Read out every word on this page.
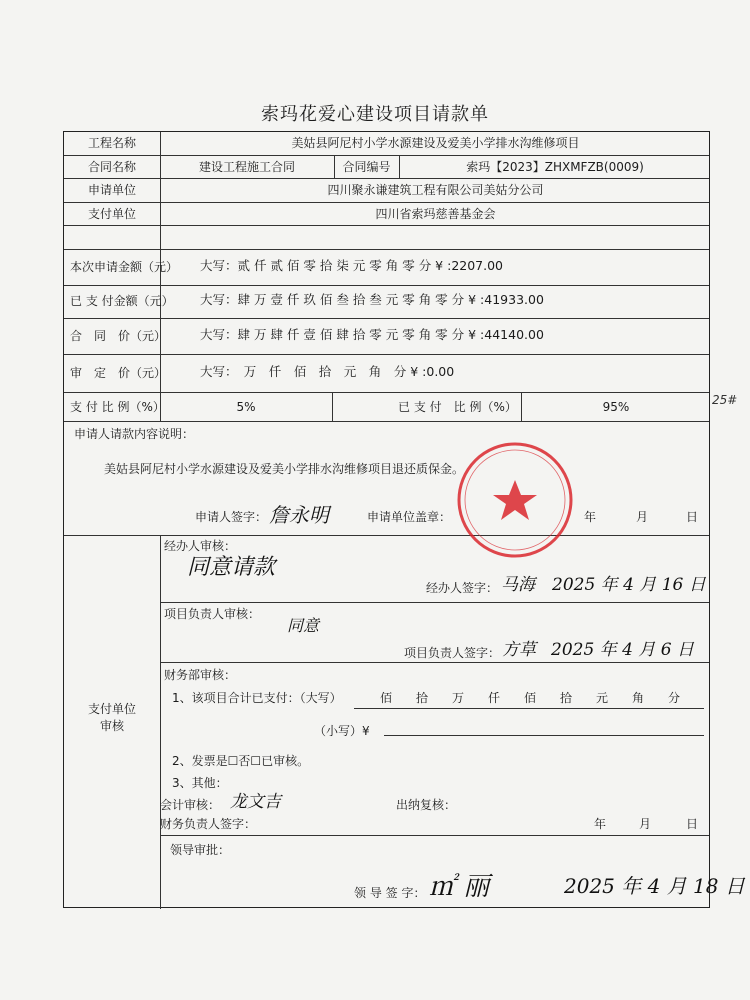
索玛花爱心建设项目请款单
工程名称	美姑县阿尼村小学水源建设及爱美小学排水沟维修项目
合同名称	建设工程施工合同	合同编号	索玛【2023】ZHXMFZB(0009)
申请单位	四川聚永谦建筑工程有限公司美姑分公司
支付单位	四川省索玛慈善基金会
本次申请金额（元） 大写：贰 仟 贰 佰 零 拾 柒 元 零 角 零 分 ¥ :2207.00
已 支 付金额（元） 大写：肆 万 壹 仟 玖 佰 叁 拾 叁 元 零 角 零 分 ¥ :41933.00
合　同　价（元）	大写：肆 万 肆 仟 壹 佰 肆 拾 零 元 零 角 零 分 ¥ :44140.00
审　定　价（元）	大写：　万　仟　佰　拾　元　角　分 ¥ :0.00
支 付 比 例（%）	5%	已 支 付　比 例（%）	95%
申请人请款内容说明：
美姑县阿尼村小学水源建设及爱美小学排水沟维修项目退还质保金。
申请人签字： 詹永明	申请单位盖章：	年	月	日
支付单位
审核
经办人审核：
同意请款
经办人签字： 马海 2025 年 4 月 16 日
项目负责人审核：
同意
项目负责人签字： 方草 2025 年 4 月 6 日
财务部审核：
1、该项目合计已支付：（大写）	佰　　拾　　万　　仟　　佰　　拾　　元　　角　　分
（小写）¥
2、发票是☐否☐已审核。
3、其他：
会计审核： 龙文吉	出纳复核：
财务负责人签字：	年	月	日
领导审批：
领 导 签 字： ㎡ 丽	2025 年 4 月 18 日
25#
